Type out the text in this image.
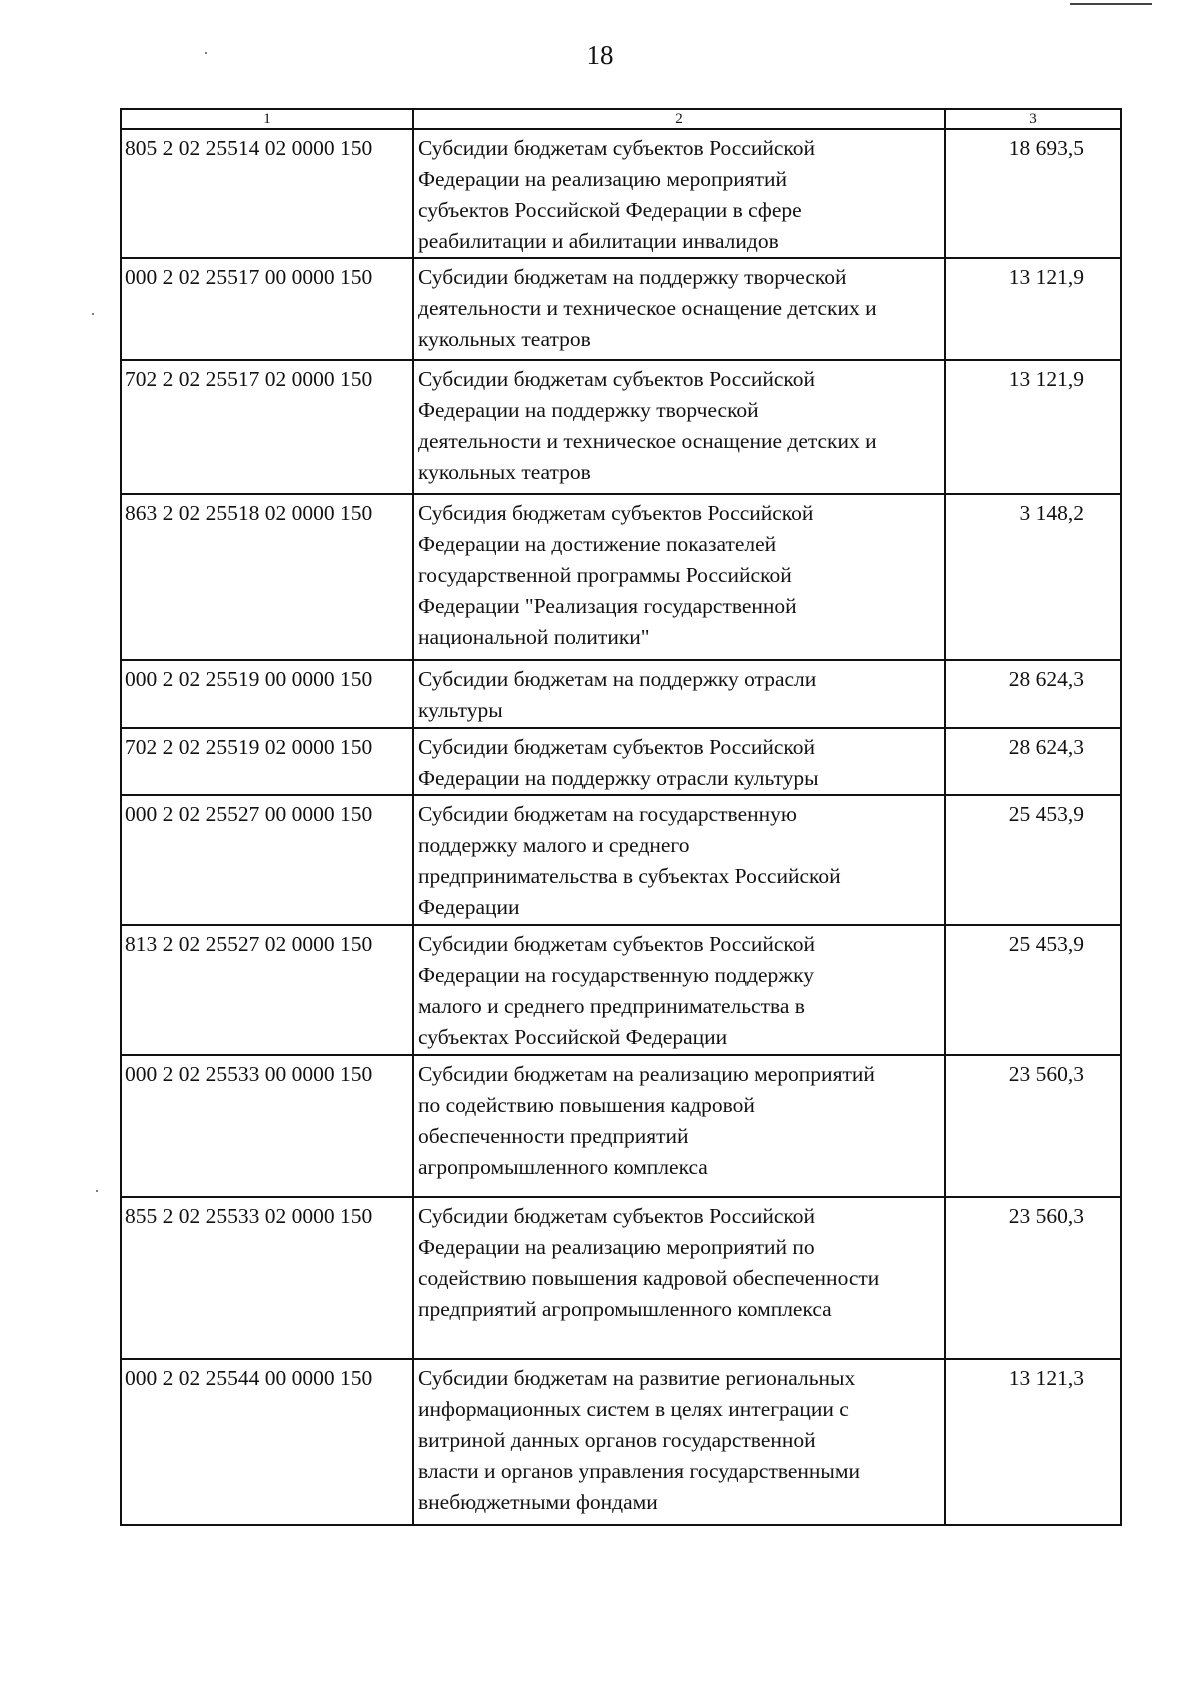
18
1	2	3
805 2 02 25514 02 0000 150	Субсидии бюджетам субъектов Российской
Федерации на реализацию мероприятий
субъектов Российской Федерации в сфере
реабилитации и абилитации инвалидов	18 693,5
000 2 02 25517 00 0000 150	Субсидии бюджетам на поддержку творческой
деятельности и техническое оснащение детских и
кукольных театров	13 121,9
702 2 02 25517 02 0000 150	Субсидии бюджетам субъектов Российской
Федерации на поддержку творческой
деятельности и техническое оснащение детских и
кукольных театров	13 121,9
863 2 02 25518 02 0000 150	Субсидия бюджетам субъектов Российской
Федерации на достижение показателей
государственной программы Российской
Федерации "Реализация государственной
национальной политики"	3 148,2
000 2 02 25519 00 0000 150	Субсидии бюджетам на поддержку отрасли
культуры	28 624,3
702 2 02 25519 02 0000 150	Субсидии бюджетам субъектов Российской
Федерации на поддержку отрасли культуры	28 624,3
000 2 02 25527 00 0000 150	Субсидии бюджетам на государственную
поддержку малого и среднего
предпринимательства в субъектах Российской
Федерации	25 453,9
813 2 02 25527 02 0000 150	Субсидии бюджетам субъектов Российской
Федерации на государственную поддержку
малого и среднего предпринимательства в
субъектах Российской Федерации	25 453,9
000 2 02 25533 00 0000 150	Субсидии бюджетам на реализацию мероприятий
по содействию повышения кадровой
обеспеченности предприятий
агропромышленного комплекса	23 560,3
855 2 02 25533 02 0000 150	Субсидии бюджетам субъектов Российской
Федерации на реализацию мероприятий по
содействию повышения кадровой обеспеченности
предприятий агропромышленного комплекса	23 560,3
000 2 02 25544 00 0000 150	Субсидии бюджетам на развитие региональных
информационных систем в целях интеграции с
витриной данных органов государственной
власти и органов управления государственными
внебюджетными фондами	13 121,3
